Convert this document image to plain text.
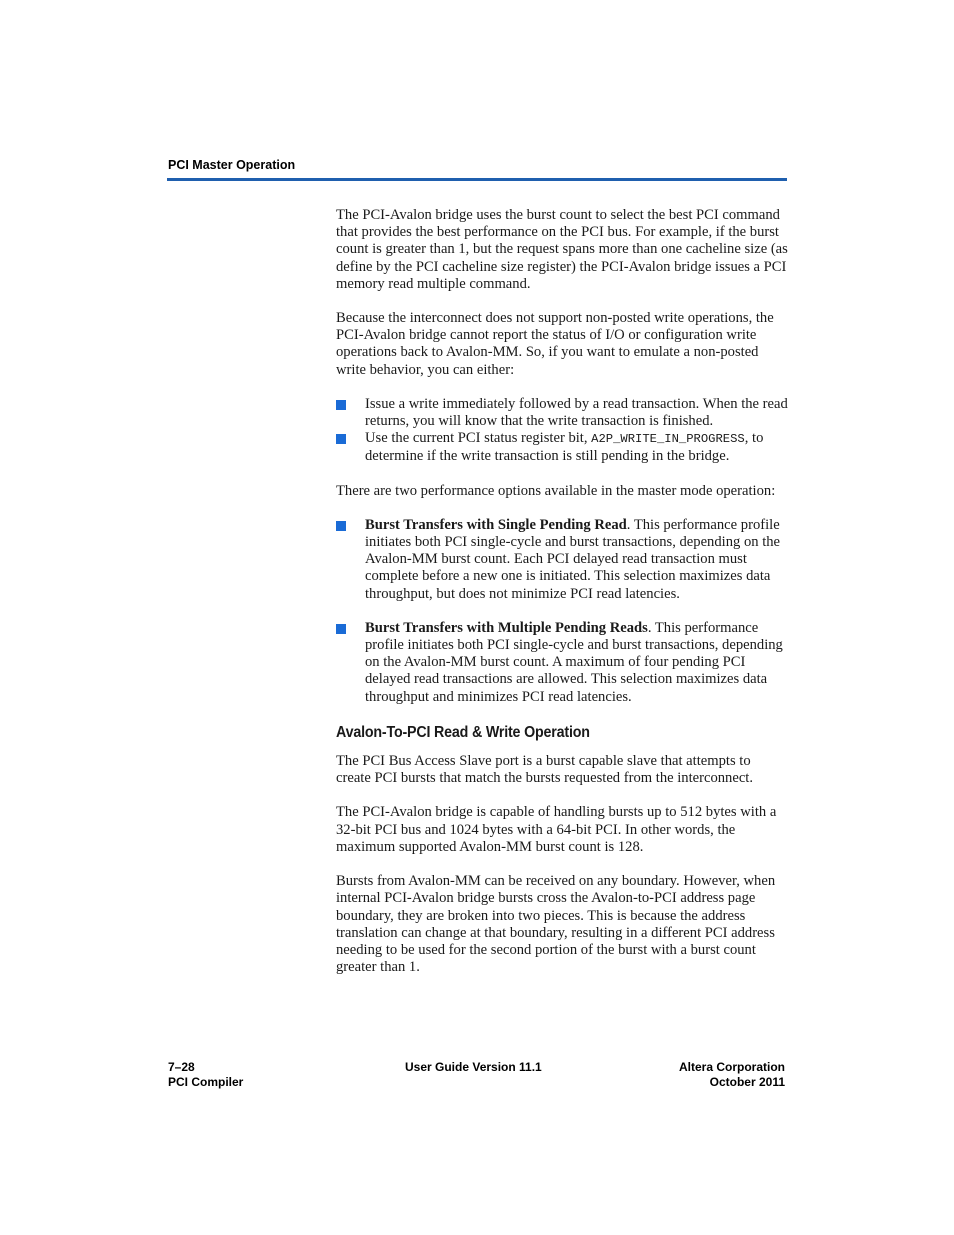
PCI Master Operation

The PCI-Avalon bridge uses the burst count to select the best PCI command that provides the best performance on the PCI bus. For example, if the burst count is greater than 1, but the request spans more than one cacheline size (as define by the PCI cacheline size register) the PCI-Avalon bridge issues a PCI memory read multiple command.

Because the interconnect does not support non-posted write operations, the PCI-Avalon bridge cannot report the status of I/O or configuration write operations back to Avalon-MM. So, if you want to emulate a non-posted write behavior, you can either:

Issue a write immediately followed by a read transaction. When the read returns, you will know that the write transaction is finished.
Use the current PCI status register bit, A2P_WRITE_IN_PROGRESS, to determine if the write transaction is still pending in the bridge.

There are two performance options available in the master mode operation:

Burst Transfers with Single Pending Read. This performance profile initiates both PCI single-cycle and burst transactions, depending on the Avalon-MM burst count. Each PCI delayed read transaction must complete before a new one is initiated. This selection maximizes data throughput, but does not minimize PCI read latencies.
Burst Transfers with Multiple Pending Reads. This performance profile initiates both PCI single-cycle and burst transactions, depending on the Avalon-MM burst count. A maximum of four pending PCI delayed read transactions are allowed. This selection maximizes data throughput and minimizes PCI read latencies.
Avalon-To-PCI Read & Write Operation

The PCI Bus Access Slave port is a burst capable slave that attempts to create PCI bursts that match the bursts requested from the interconnect.

The PCI-Avalon bridge is capable of handling bursts up to 512 bytes with a 32-bit PCI bus and 1024 bytes with a 64-bit PCI. In other words, the maximum supported Avalon-MM burst count is 128.

Bursts from Avalon-MM can be received on any boundary. However, when internal PCI-Avalon bridge bursts cross the Avalon-to-PCI address page boundary, they are broken into two pieces. This is because the address translation can change at that boundary, resulting in a different PCI address needing to be used for the second portion of the burst with a burst count greater than 1.

7–28
PCI Compiler
User Guide Version 11.1	Altera Corporation
October 2011
